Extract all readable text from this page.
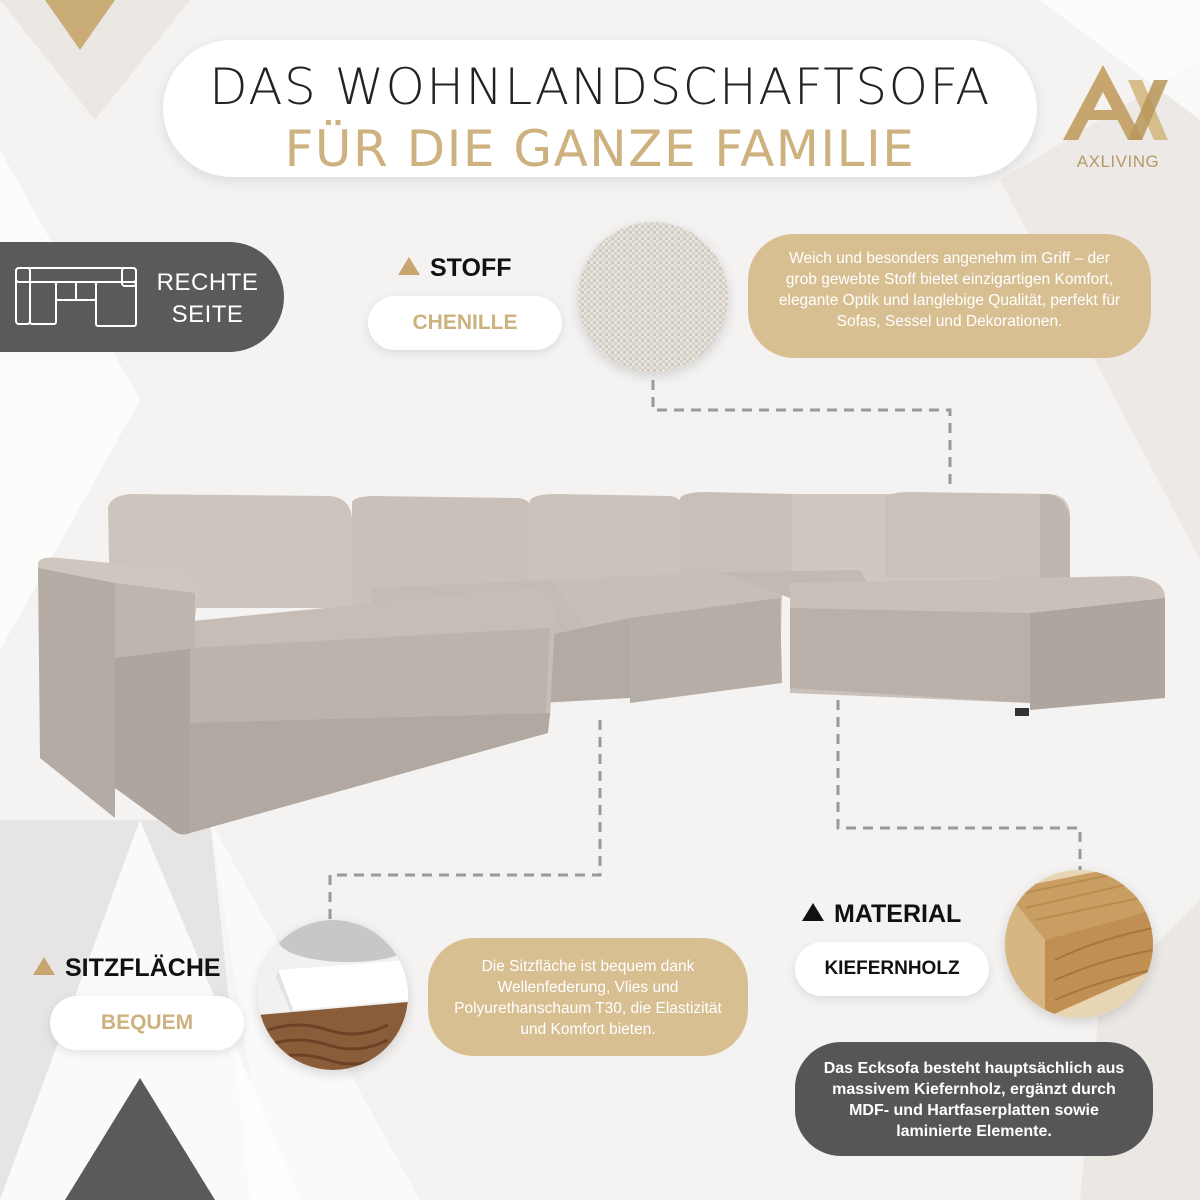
DAS WOHNLANDSCHAFTSOFA
FÜR DIE GANZE FAMILIE	AXLIVING
RECHTE
SEITE
STOFF
CHENILLE
Weich und besonders angenehm im Griff – der grob gewebte Stoff bietet einzigartigen Komfort, elegante Optik und langlebige Qualität, perfekt für Sofas, Sessel und Dekorationen.
SITZFLÄCHE
BEQUEM
Die Sitzfläche ist bequem dank Wellenfederung, Vlies und Polyurethanschaum T30, die Elastizität und Komfort bieten.
MATERIAL
KIEFERNHOLZ
Das Ecksofa besteht hauptsächlich aus massivem Kiefernholz, ergänzt durch MDF- und Hartfaserplatten sowie laminierte Elemente.
